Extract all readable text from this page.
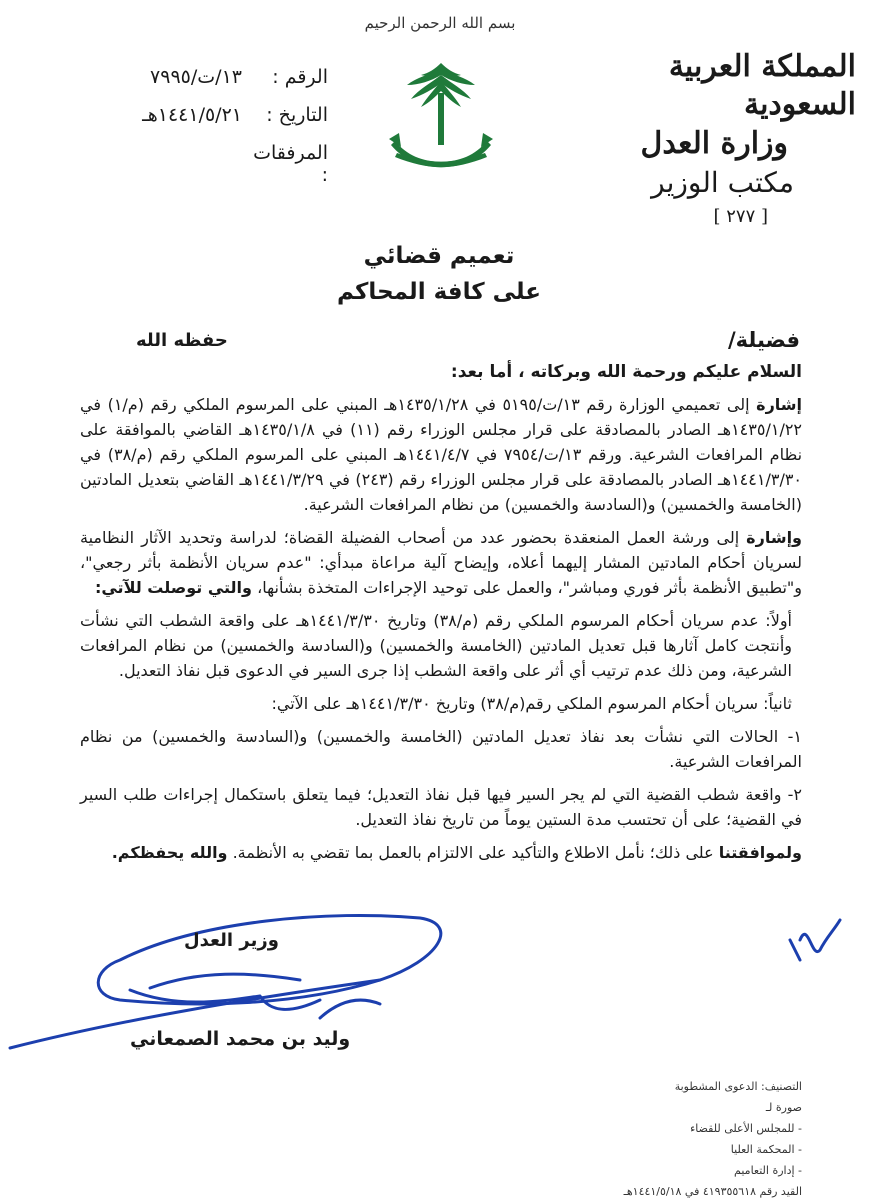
بسم الله الرحمن الرحيم
المملكة العربية السعودية
وزارة العدل
مكتب الوزير
[ ٢٧٧ ]
الرقم :
١٣/ت/٧٩٩٥
التاريخ :
١٤٤١/٥/٢١هـ
المرفقات :
تعميم قضائي
على كافة المحاكم
فضيلة/
حفظه الله
السلام عليكم ورحمة الله وبركاته ، أما بعد:

إشارة إلى تعميمي الوزارة رقم ١٣/ت/٥١٩٥ في ١٤٣٥/١/٢٨هـ المبني على المرسوم الملكي رقم (م/١) في ١٤٣٥/١/٢٢هـ الصادر بالمصادقة على قرار مجلس الوزراء رقم (١١) في ١٤٣٥/١/٨هـ القاضي بالموافقة على نظام المرافعات الشرعية. ورقم ١٣/ت/٧٩٥٤ في ١٤٤١/٤/٧هـ المبني على المرسوم الملكي رقم (م/٣٨) في ١٤٤١/٣/٣٠هـ الصادر بالمصادقة على قرار مجلس الوزراء رقم (٢٤٣) في ١٤٤١/٣/٢٩هـ القاضي بتعديل المادتين (الخامسة والخمسين) و(السادسة والخمسين) من نظام المرافعات الشرعية.

وإشارة إلى ورشة العمل المنعقدة بحضور عدد من أصحاب الفضيلة القضاة؛ لدراسة وتحديد الآثار النظامية لسريان أحكام المادتين المشار إليهما أعلاه، وإيضاح آلية مراعاة مبدأي: "عدم سريان الأنظمة بأثر رجعي"، و"تطبيق الأنظمة بأثر فوري ومباشر"، والعمل على توحيد الإجراءات المتخذة بشأنها، والتي توصلت للآتي:

أولاً: عدم سريان أحكام المرسوم الملكي رقم (م/٣٨) وتاريخ ١٤٤١/٣/٣٠هـ على واقعة الشطب التي نشأت وأنتجت كامل آثارها قبل تعديل المادتين (الخامسة والخمسين) و(السادسة والخمسين) من نظام المرافعات الشرعية، ومن ذلك عدم ترتيب أي أثر على واقعة الشطب إذا جرى السير في الدعوى قبل نفاذ التعديل.

ثانياً: سريان أحكام المرسوم الملكي رقم(م/٣٨) وتاريخ ١٤٤١/٣/٣٠هـ على الآتي:

١- الحالات التي نشأت بعد نفاذ تعديل المادتين (الخامسة والخمسين) و(السادسة والخمسين) من نظام المرافعات الشرعية.

٢- واقعة شطب القضية التي لم يجر السير فيها قبل نفاذ التعديل؛ فيما يتعلق باستكمال إجراءات طلب السير في القضية؛ على أن تحتسب مدة الستين يوماً من تاريخ نفاذ التعديل.

ولموافقتنا على ذلك؛ نأمل الاطلاع والتأكيد على الالتزام بالعمل بما تقضي به الأنظمة. والله يحفظكم.

وزير العدل
وليد بن محمد الصمعاني
التصنيف: الدعوى المشطوبة
صورة لـ
- للمجلس الأعلى للقضاء
- المحكمة العليا
- إدارة التعاميم
القيد رقم ٤١٩٣٥٥٦١٨ في ١٤٤١/٥/١٨هـ
